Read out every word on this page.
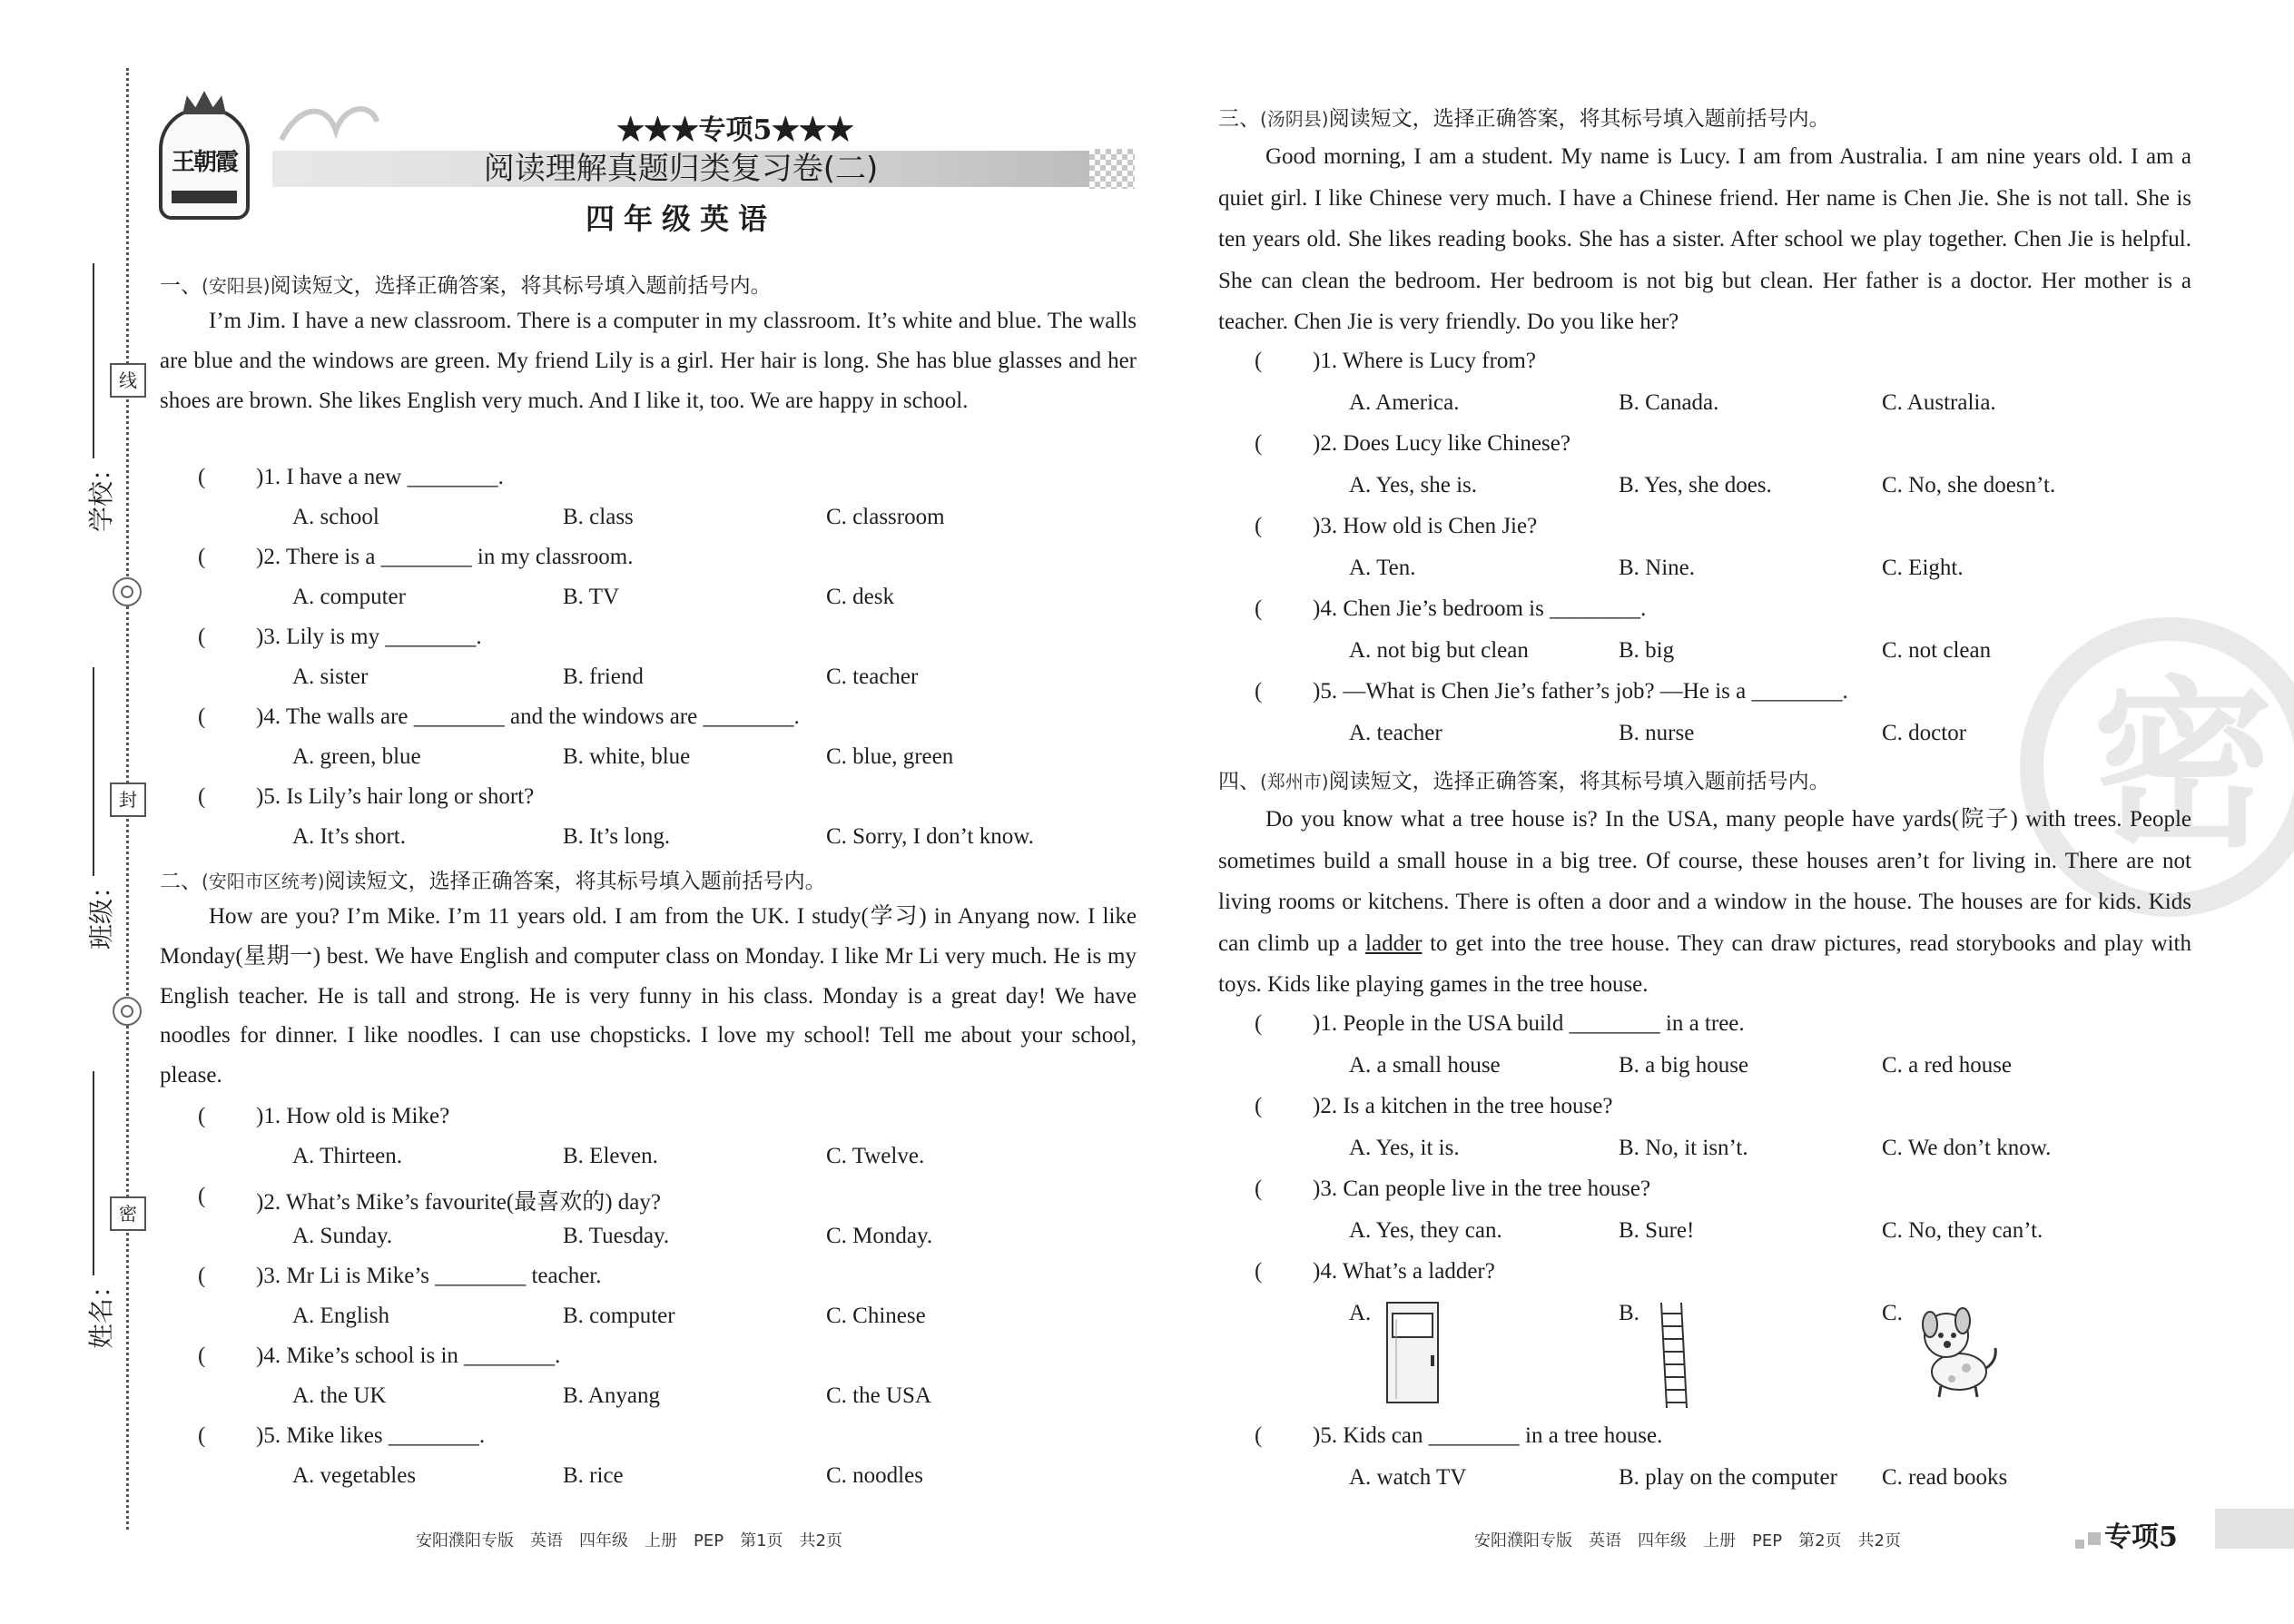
线
封
密
学校：
班级：
姓名：
王朝霞
★★★专项5★★★
阅读理解真题归类复习卷(二)
四年级英语
一、(安阳县)阅读短文，选择正确答案，将其标号填入题前括号内。
I’m Jim. I have a new classroom. There is a computer in my classroom. It’s white and blue. The walls are blue and the windows are green. My friend Lily is a girl. Her hair is long. She has blue glasses and her shoes are brown. She likes English very much. And I like it, too. We are happy in school.
( )1. I have a new ________.
A. school	B. class	C. classroom
( )2. There is a ________ in my classroom.
A. computer	B. TV	C. desk
( )3. Lily is my ________.
A. sister	B. friend	C. teacher
( )4. The walls are ________ and the windows are ________.
A. green, blue	B. white, blue	C. blue, green
( )5. Is Lily’s hair long or short?
A. It’s short.	B. It’s long.	C. Sorry, I don’t know.
二、(安阳市区统考)阅读短文，选择正确答案，将其标号填入题前括号内。
How are you? I’m Mike. I’m 11 years old. I am from the UK. I study(学习) in Anyang now. I like Monday(星期一) best. We have English and computer class on Monday. I like Mr Li very much. He is my English teacher. He is tall and strong. He is very funny in his class. Monday is a great day! We have noodles for dinner. I like noodles. I can use chopsticks. I love my school! Tell me about your school, please.
( )1. How old is Mike?
A. Thirteen.	B. Eleven.	C. Twelve.
( )2. What’s Mike’s favourite(最喜欢的) day?
A. Sunday.	B. Tuesday.	C. Monday.
( )3. Mr Li is Mike’s ________ teacher.
A. English	B. computer	C. Chinese
( )4. Mike’s school is in ________.
A. the UK	B. Anyang	C. the USA
( )5. Mike likes ________.
A. vegetables	B. rice	C. noodles
安阳濮阳专版　英语　四年级　上册　PEP　第1页　共2页
密
三、(汤阴县)阅读短文，选择正确答案，将其标号填入题前括号内。
Good morning, I am a student. My name is Lucy. I am from Australia. I am nine years old. I am a quiet girl. I like Chinese very much. I have a Chinese friend. Her name is Chen Jie. She is not tall. She is ten years old. She likes reading books. She has a sister. After school we play together. Chen Jie is helpful. She can clean the bedroom. Her bedroom is not big but clean. Her father is a doctor. Her mother is a teacher. Chen Jie is very friendly. Do you like her?
( )1. Where is Lucy from?
A. America.	B. Canada.	C. Australia.
( )2. Does Lucy like Chinese?
A. Yes, she is.	B. Yes, she does.	C. No, she doesn’t.
( )3. How old is Chen Jie?
A. Ten.	B. Nine.	C. Eight.
( )4. Chen Jie’s bedroom is ________.
A. not big but clean	B. big	C. not clean
( )5. —What is Chen Jie’s father’s job? —He is a ________.
A. teacher	B. nurse	C. doctor
四、(郑州市)阅读短文，选择正确答案，将其标号填入题前括号内。
Do you know what a tree house is? In the USA, many people have yards(院子) with trees. People sometimes build a small house in a big tree. Of course, these houses aren’t for living in. There are not living rooms or kitchens. There is often a door and a window in the house. The houses are for kids. Kids can climb up a ladder to get into the tree house. They can draw pictures, read storybooks and play with toys. Kids like playing games in the tree house.
( )1. People in the USA build ________ in a tree.
A. a small house	B. a big house	C. a red house
( )2. Is a kitchen in the tree house?
A. Yes, it is.	B. No, it isn’t.	C. We don’t know.
( )3. Can people live in the tree house?
A. Yes, they can.	B. Sure!	C. No, they can’t.
( )4. What’s a ladder?
A.	B.	C.
( )5. Kids can ________ in a tree house.
A. watch TV	B. play on the computer C. read books
安阳濮阳专版　英语　四年级　上册　PEP　第2页　共2页	专项5
